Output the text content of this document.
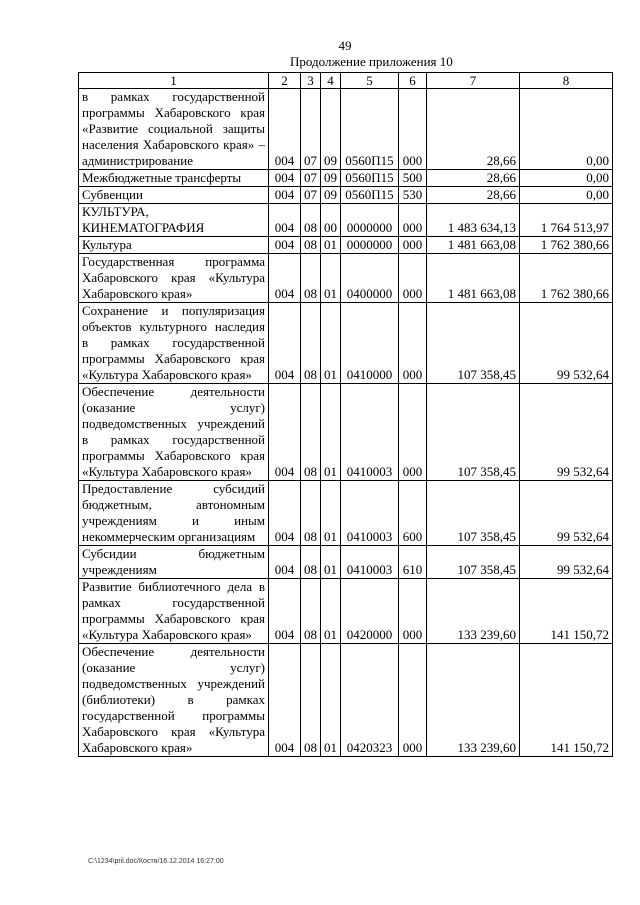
49
Продолжение приложения 10
1	2	3	4	5	6	7	8
в рамках государственной программы Хабаровского края «Развитие социальной защиты населения Хабаровского края» – администрирование	004	07	09	0560П15	000	28,66	0,00
Межбюджетные трансферты	004	07	09	0560П15	500	28,66	0,00
Субвенции	004	07	09	0560П15	530	28,66	0,00
КУЛЬТУРА, КИНЕМАТОГРАФИЯ	004	08	00	0000000	000	1 483 634,13	1 764 513,97
Культура	004	08	01	0000000	000	1 481 663,08	1 762 380,66
Государственная программа Хабаровского края «Культура Хабаровского края»	004	08	01	0400000	000	1 481 663,08	1 762 380,66
Сохранение и популяризация объектов культурного наследия в рамках государственной программы Хабаровского края «Культура Хабаровского края»	004	08	01	0410000	000	107 358,45	99 532,64
Обеспечение деятельности (оказание услуг) подведомственных учреждений в рамках государственной программы Хабаровского края «Культура Хабаровского края»	004	08	01	0410003	000	107 358,45	99 532,64
Предоставление субсидий бюджетным, автономным учреждениям и иным некоммерческим организациям	004	08	01	0410003	600	107 358,45	99 532,64
Субсидии бюджетным учреждениям	004	08	01	0410003	610	107 358,45	99 532,64
Развитие библиотечного дела в рамках государственной программы Хабаровского края «Культура Хабаровского края»	004	08	01	0420000	000	133 239,60	141 150,72
Обеспечение деятельности (оказание услуг) подведомственных учреждений (библиотеки) в рамках государственной программы Хабаровского края «Культура Хабаровского края»	004	08	01	0420323	000	133 239,60	141 150,72
C:\1234\pril.doc/Костя/16.12.2014 16:27:00
